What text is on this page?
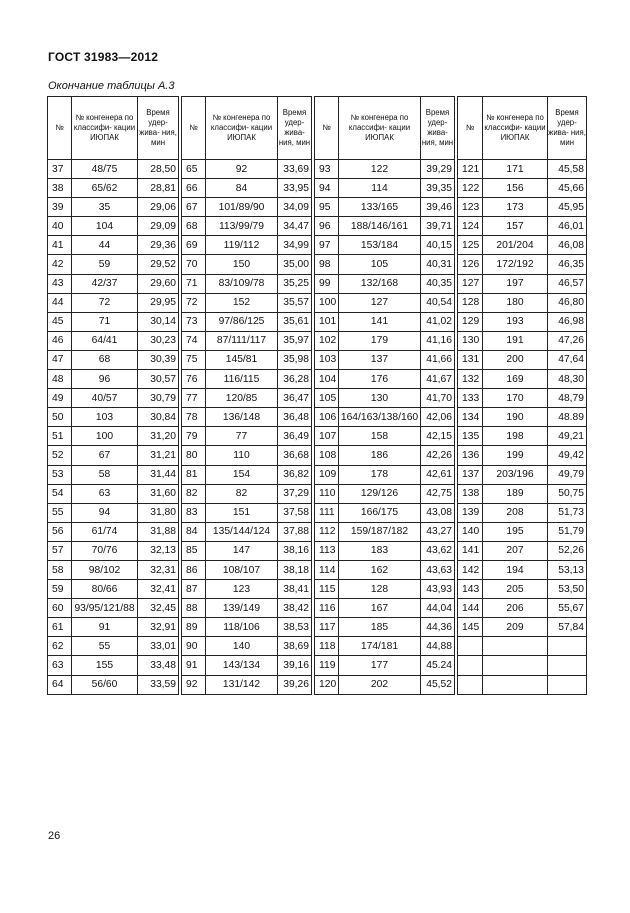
ГОСТ 31983—2012
Окончание таблицы А.3
№	№ конгенера по классифи- кации ИЮПАК	Время удер- жива- ния, мин
37	48/75	28,50
38	65/62	28,81
39	35	29,06
40	104	29,09
41	44	29,36
42	59	29,52
43	42/37	29,60
44	72	29,95
45	71	30,14
46	64/41	30,23
47	68	30,39
48	96	30,57
49	40/57	30,79
50	103	30,84
51	100	31,20
52	67	31,21
53	58	31,44
54	63	31,60
55	94	31,80
56	61/74	31,88
57	70/76	32,13
58	98/102	32,31
59	80/66	32,41
60	93/95/121/88	32,45
61	91	32,91
62	55	33,01
63	155	33,48
64	56/60	33,59
№	№ конгенера по классифи- кации ИЮПАК	Время удер- жива- ния, мин
65	92	33,69
66	84	33,95
67	101/89/90	34,09
68	113/99/79	34,47
69	119/112	34,99
70	150	35,00
71	83/109/78	35,25
72	152	35,57
73	97/86/125	35,61
74	87/111/117	35,97
75	145/81	35,98
76	116/115	36,28
77	120/85	36,47
78	136/148	36,48
79	77	36,49
80	110	36,68
81	154	36,82
82	82	37,29
83	151	37,58
84	135/144/124	37,88
85	147	38,16
86	108/107	38,18
87	123	38,41
88	139/149	38,42
89	118/106	38,53
90	140	38,69
91	143/134	39,16
92	131/142	39,26
№	№ конгенера по классифи- кации ИЮПАК	Время удер- жива- ния, мин
93	122	39,29
94	114	39,35
95	133/165	39,46
96	188/146/161	39,71
97	153/184	40,15
98	105	40,31
99	132/168	40,35
100	127	40,54
101	141	41,02
102	179	41,16
103	137	41,66
104	176	41,67
105	130	41,70
106	164/163/138/160	42,06
107	158	42,15
108	186	42,26
109	178	42,61
110	129/126	42,75
111	166/175	43,08
112	159/187/182	43,27
113	183	43,62
114	162	43,63
115	128	43,93
116	167	44,04
117	185	44,36
118	174/181	44,88
119	177	45.24
120	202	45,52
№	№ конгенера по классифи- кации ИЮПАК	Время удер- жива- ния, мин
121	171	45,58
122	156	45,66
123	173	45,95
124	157	46,01
125	201/204	46,08
126	172/192	46,35
127	197	46,57
128	180	46,80
129	193	46,98
130	191	47,26
131	200	47,64
132	169	48,30
133	170	48,79
134	190	48.89
135	198	49,21
136	199	49,42
137	203/196	49,79
138	189	50,75
139	208	51,73
140	195	51,79
141	207	52,26
142	194	53,13
143	205	53,50
144	206	55,67
145	209	57,84

26
